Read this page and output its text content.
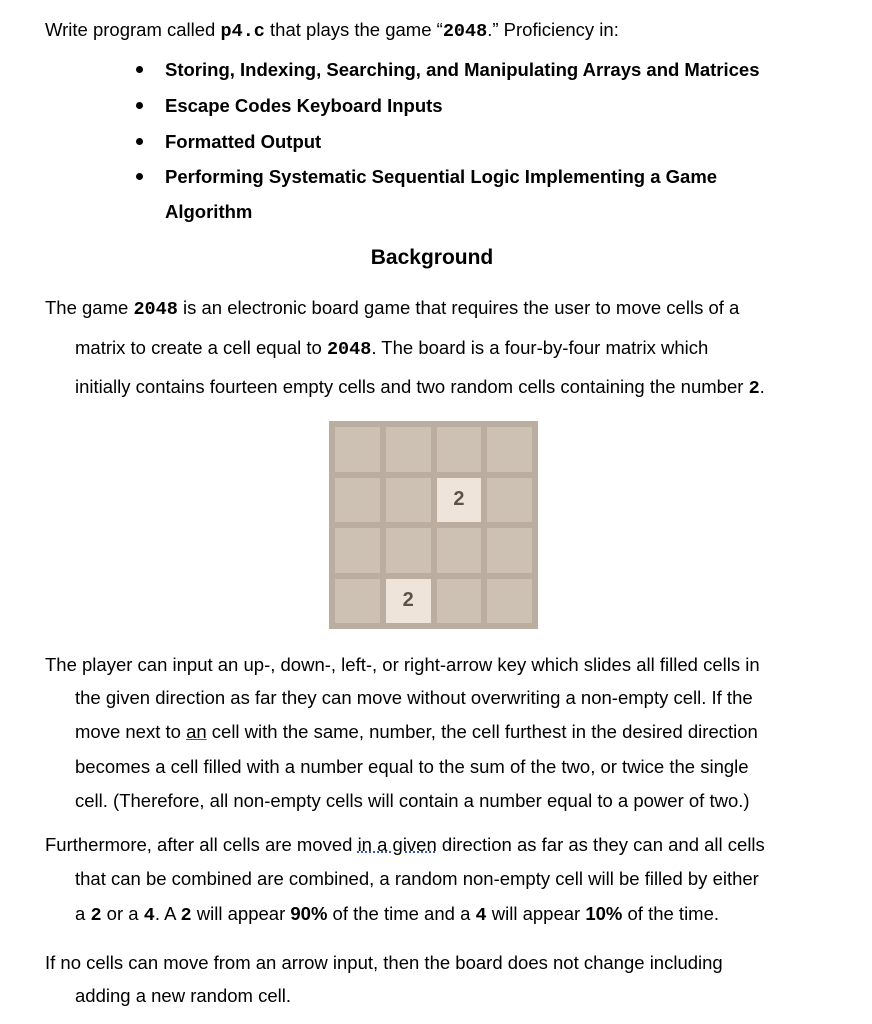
Write program called p4.c that plays the game “2048.” Proficiency in:
Storing, Indexing, Searching, and Manipulating Arrays and Matrices
Escape Codes Keyboard Inputs
Formatted Output
Performing Systematic Sequential Logic Implementing a Game
Algorithm
Background
The game 2048 is an electronic board game that requires the user to move cells of a
matrix to create a cell equal to 2048. The board is a four-by-four matrix which
initially contains fourteen empty cells and two random cells containing the number 2.
2
2
The player can input an up-, down-, left-, or right-arrow key which slides all filled cells in
the given direction as far they can move without overwriting a non-empty cell. If the
move next to an cell with the same, number, the cell furthest in the desired direction
becomes a cell filled with a number equal to the sum of the two, or twice the single
cell. (Therefore, all non-empty cells will contain a number equal to a power of two.)
Furthermore, after all cells are moved in a given direction as far as they can and all cells
that can be combined are combined, a random non-empty cell will be filled by either
a 2 or a 4. A 2 will appear 90% of the time and a 4 will appear 10% of the time.
If no cells can move from an arrow input, then the board does not change including
adding a new random cell.
